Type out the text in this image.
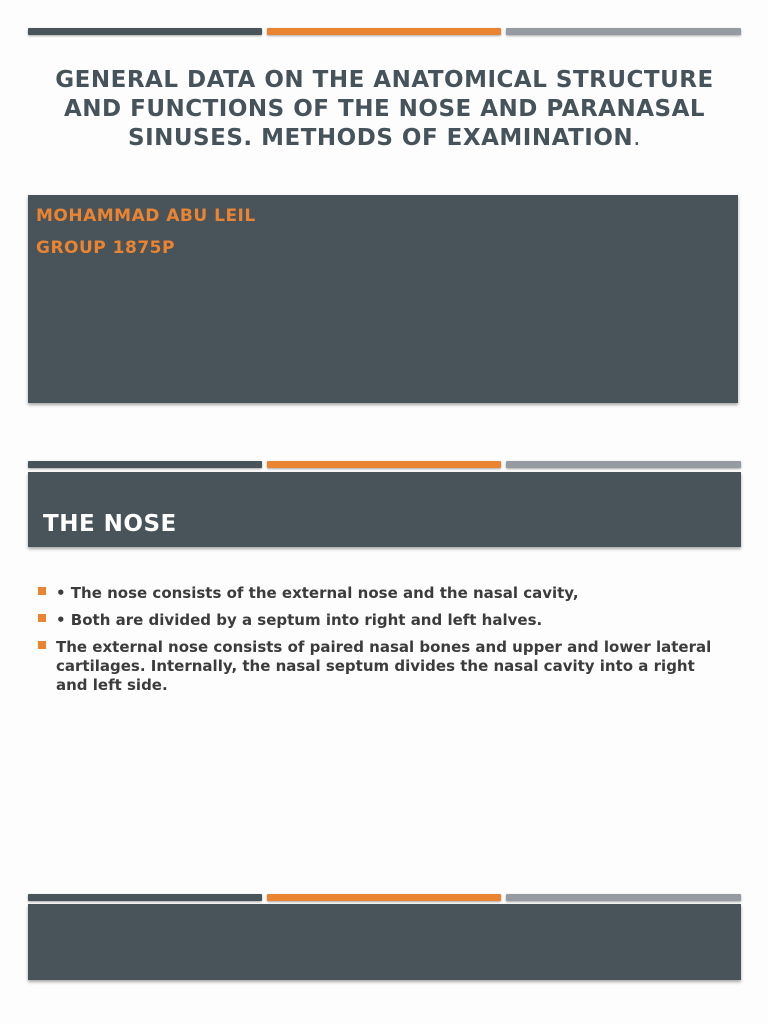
GENERAL DATA ON THE ANATOMICAL STRUCTURE AND FUNCTIONS OF THE NOSE AND PARANASAL SINUSES. METHODS OF EXAMINATION.
MOHAMMAD ABU LEIL
GROUP 1875P
THE NOSE
• The nose consists of the external nose and the nasal cavity,
• Both are divided by a septum into right and left halves.
The external nose consists of paired nasal bones and upper and lower lateral cartilages. Internally, the nasal septum divides the nasal cavity into a right and left side.
